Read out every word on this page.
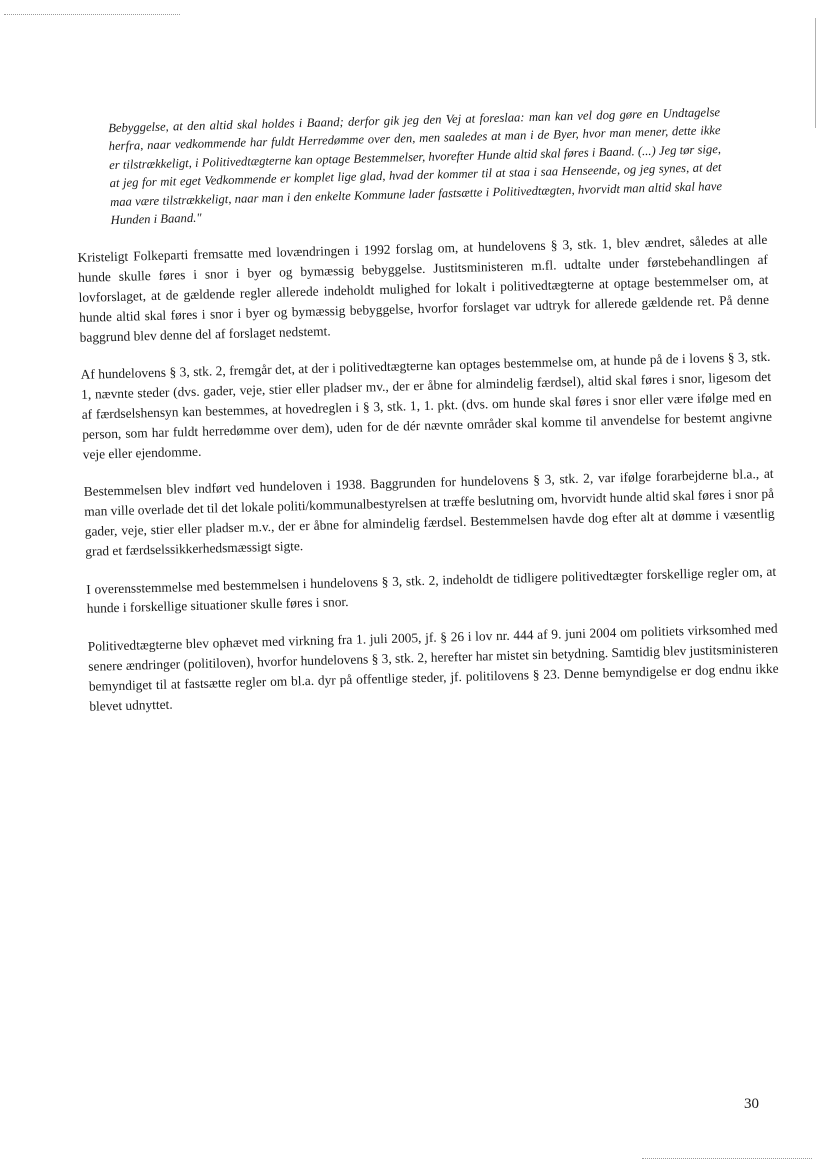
Bebyggelse, at den altid skal holdes i Baand; derfor gik jeg den Vej at foreslaa: man kan vel dog gøre en Undtagelse herfra, naar vedkommende har fuldt Herredømme over den, men saaledes at man i de Byer, hvor man mener, dette ikke er tilstrækkeligt, i Politivedtægterne kan optage Bestemmelser, hvorefter Hunde altid skal føres i Baand. (...) Jeg tør sige, at jeg for mit eget Vedkommende er komplet lige glad, hvad der kommer til at staa i saa Henseende, og jeg synes, at det maa være tilstrækkeligt, naar man i den enkelte Kommune lader fastsætte i Politivedtægten, hvorvidt man altid skal have Hunden i Baand."

Kristeligt Folkeparti fremsatte med lovændringen i 1992 forslag om, at hundelovens § 3, stk. 1, blev ændret, således at alle hunde skulle føres i snor i byer og bymæssig bebyggelse. Justitsministeren m.fl. udtalte under førstebehandlingen af lovforslaget, at de gældende regler allerede indeholdt mulighed for lokalt i politivedtægterne at optage bestemmelser om, at hunde altid skal føres i snor i byer og bymæssig bebyggelse, hvorfor forslaget var udtryk for allerede gældende ret. På denne baggrund blev denne del af forslaget nedstemt.

Af hundelovens § 3, stk. 2, fremgår det, at der i politivedtægterne kan optages bestemmelse om, at hunde på de i lovens § 3, stk. 1, nævnte steder (dvs. gader, veje, stier eller pladser mv., der er åbne for almindelig færdsel), altid skal føres i snor, ligesom det af færdselshensyn kan bestemmes, at hovedreglen i § 3, stk. 1, 1. pkt. (dvs. om hunde skal føres i snor eller være ifølge med en person, som har fuldt herredømme over dem), uden for de dér nævnte områder skal komme til anvendelse for bestemt angivne veje eller ejendomme.

Bestemmelsen blev indført ved hundeloven i 1938. Baggrunden for hundelovens § 3, stk. 2, var ifølge forarbejderne bl.a., at man ville overlade det til det lokale politi/kommunalbestyrelsen at træffe beslutning om, hvorvidt hunde altid skal føres i snor på gader, veje, stier eller pladser m.v., der er åbne for almindelig færdsel. Bestemmelsen havde dog efter alt at dømme i væsentlig grad et færdselssikkerhedsmæssigt sigte.

I overensstemmelse med bestemmelsen i hundelovens § 3, stk. 2, indeholdt de tidligere politivedtægter forskellige regler om, at hunde i forskellige situationer skulle føres i snor.

Politivedtægterne blev ophævet med virkning fra 1. juli 2005, jf. § 26 i lov nr. 444 af 9. juni 2004 om politiets virksomhed med senere ændringer (politiloven), hvorfor hundelovens § 3, stk. 2, herefter har mistet sin betydning. Samtidig blev justitsministeren bemyndiget til at fastsætte regler om bl.a. dyr på offentlige steder, jf. politilovens § 23. Denne bemyndigelse er dog endnu ikke blevet udnyttet.

30
